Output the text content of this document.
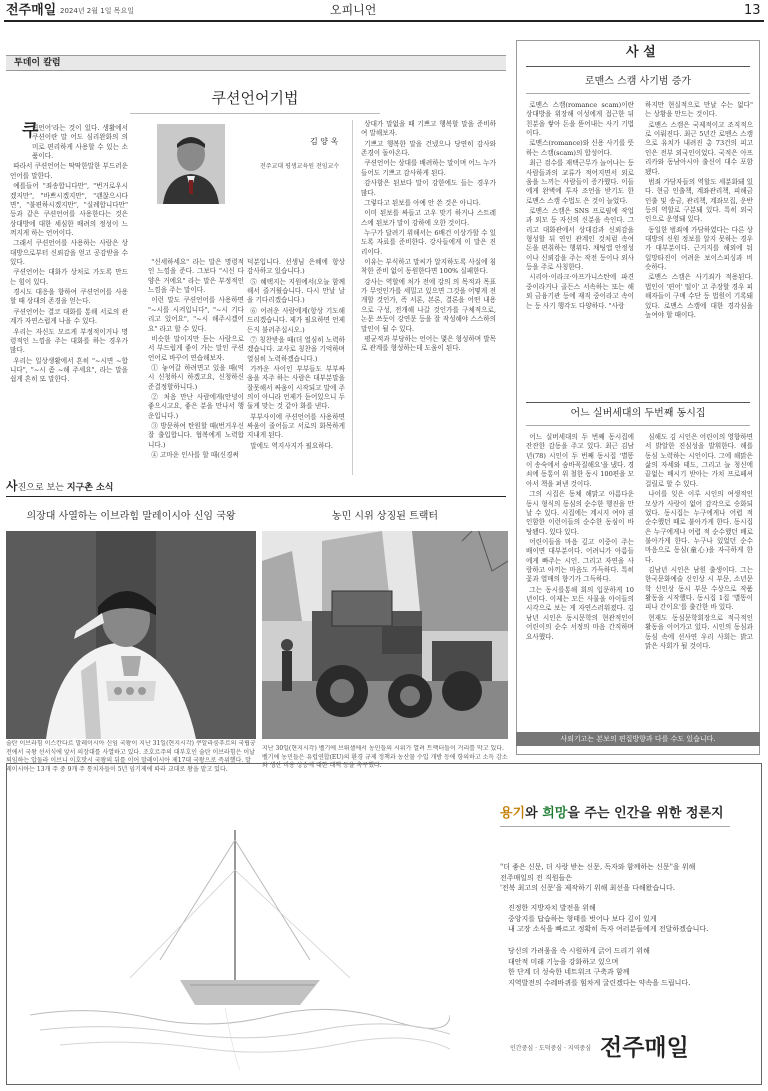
전주매일 2024년 2월 1일 목요일	오피니언	13
투데이 칼럼
쿠션언어기법
김 양 옥
전주교대 평생교육원 전임교수
쿠

션언어'라는 것이 있다. 생활에서 쿠션이란 말 어도 심리완화의 의미로 편리하게 사용할 수 있는 소품이다.

따라서 쿠션언어는 딱딱한말한 부드러운 언어를 말한다.

예를들어 "죄송합니다만", "번거로우시겠지만", "바쁘시겠지만", "괜찮으시다면", "불편하시겠지만", "실례합니다만" 등과 같은 쿠션언어를 사용한다는 것은 상대방에 대한 세심한 배려의 정성이 느껴지게 하는 언어이다.

그래서 쿠션언어를 사용하는 사람은 상대방으로부터 신뢰감을 얻고 공감받을 수 있다.

쿠션언어는 대화가 상처로 가도록 만드는 힘이 있다.

경시도 대응을 향하여 쿠션언어를 사용할 때 상대의 존경을 얻는다.

쿠션언어는 결코 대화를 통해 서로의 관계가 자연스럽게 나을 수 있다.

우리는 자신도 모르게 부정적이거나 명령적인 느낌을 주는 대화를 하는 경우가 많다.

우리는 일상생활에서 흔히 "~시면 ~합니다", "~시 좀 ~해 주세요", 라는 말을 쉽게 흔히 또 말한다.

"신세하세요" 라는 말은 명령적인 느낌을 준다. 그보다 "시신 다 양은 거에요" 라는 말은 부정적인 느낌을 주는 말이다.

이런 말도 쿠션언어를 사용하면 "~시를 시켜입니다", "~시 기다리고 있어요", "~시 해주시겠어요" 라고 할 수 있다.

비슷한 말이지만 듣는 사람으로서 부드럽게 좋이 가는 말인 쿠션언어로 바꾸어 연습해보자.

① 놓여갈 하려면고 있을 때(억시 신청하시 하겠고요, 신청하신 준결정할하니다.)

② 처음 만난 사람에게(안녕이 좋으시고요, 좋은 분을 만나서 행운입니다.)

③ 방문하여 탄원할 때(번거우신 잘 출입합니다. 협복에게 노력합니다.)

④ 고마운 인사를 할 때(신경써

덕분입니다. 선생님 은혜에 항상 감사하고 있습니다.)

⑤ 혜택지는 지원에서(오늘 함께해서 즐거웠습니다. 다시 만날 날을 기다리겠습니다.)

⑥ 어려운 사람에게(항상 기도해 드리겠습니다. 제가 필요하면 언제든지 불러주십시오.)

⑦ 칭찬받을 때(더 열심히 노력하겠습니다. 교사로 칭찬을 기억하며 열심히 노력하겠습니다.)

가까운 사이인 부부들도 부부싸움을 자주 하는 사람은 대부분말을 잘못해서 싸움이 시작되고 말에 주의이 아니라 언제가 듣어있으니 두둘게 맞는 것 같아 화를 낸다.

부부사이에 쿠션언어를 사용하면 싸움이 줄어들고 서로의 화목하게 지내게 된다.

말에도 역지사지가 필요하다.

상대가 말없을 때 기쁘고 행복할 말을 준비하여 말해보자.

기쁘고 행복한 말을 건넸으나 당연히 감사와 존경이 돌아온다.

쿠션언어는 상대를 배려하는 말이며 어느 누가 들어도 기쁘고 감사하게 된다.

감사함은 된보다 말이 강한에도 들는 경우가 많다.

그렇다고 된보를 아예 안 쓴 것은 아니다.

이미 된보를 싸들고 고우 맞기 하거나 스트레스에 된보가 말이 강하에 오한 것이다.

누구가 달려기 위해서는 6배건 이상가할 수 있도록 자료를 준비한다. 강사들에게 이 말은 진리이다.

이유는 부식하고 말씨가 알지하도록 사실에 침착한 준비 없이 동원한다면 100% 실패한다.

강사는 역할에 처가 전에 강의 의 목적과 목표가 무엇인가를 세밀고 있으면 그것을 어떻게 전개할 것인가, 즉 서론, 본론, 결론을 어떤 내용으로 구성, 전개해 나갈 것인가를 구체적으로, 논문 쓰듯이 강연문 등을 잘 작성해야 스스하의 말인이 될 수 있다.

평균적과 부당하는 언어는 몇은 형성하며 발목로 관계를 형성하는데 도움이 된다.

사진으로 보는 지구촌 소식
의장대 사열하는 이브라힘 말레이시아 신임 국왕	농민 시위 상징된 트랙터
술탄 이브라힘 이스칸다르 말레이시아 신임 국왕이 지난 31일(현지시각) 쿠알라룸푸르의 국립궁전에서 국왕 선서식에 앞서 의장대를 사열하고 있다. 조호르주의 대부호인 술탄 이브라힘은 이날 퇴임하는 압둘라 이브니 이호맛시 국왕의 뒤를 이어 말레이시아 제17대 국왕으로 즉위했다. 말레이시아는 13개 주 중 9개 주 통치자들이 5년 임기제에 따라 교대로 왕을 맡고 있다.
지난 30일(현지시각) 벨기에 브뤼셀에서 농민들의 시위가 열려 트랙터들이 거리를 막고 있다. 벨기에 농민들은 유럽연합(EU)의 환경 규제 정책과 농산물 수입 개방 등에 항의하고 소득 감소와 생산 비용 상승에 대한 대책 등을 촉구했다.
사 설
로맨스 스캠 사기범 증가

로맨스 스캠(romance scam)이란 상대방을 위장해 이성에게 접근한 뒤 친분을 쌓아 돈을 뜯어내는 사기 기법이다.

로맨스(romance)와 신용 사기를 뜻하는 스캠(scam)의 합성어다.

최근 검수를 재택근무가 늘어나는 등 사람들과의 교류가 적어지면서 외로움을 느끼는 사람들이 증가했다. 이들에게 완벽에 투자 조언을 받기도 한 로맨스 스캠 수법도 은 것이 늘었다.

로맨스 스캠은 SNS 프로필에 작업과 외모 등 자신의 신분을 속인다. 그리고 대화관에서 상대감과 신뢰감을 형성할 뒤 연인 관계인 것처럼 속여 돈을 편취하는 행위다. 채팅앱 안정성이나 신뢰감을 주는 작전 등이나 외사 등을 주로 사칭한다.

시리아·이라크·아프가니스탄에 파견 중이라거나 골든스 서속하는 또는 해외 금융기관 등에 재직 중이라고 속이는 등 사기 행각도 다양하다. "사랑

하지만 현실적으로 만날 수는 없다" 는 상황을 만드는 것이다.

로맨스 스캠은 국제적이고 조직적으로 이뤄진다. 최근 5년간 로맨스 스캠으로 유치가 내려진 총 73건의 피고인은 전부 외국인이었다. 국적은 아프리카와 동남아시아 출신이 대수 포함됐다.

범죄 가담자들의 역할도 세분화돼 있다. 현금 인출책, 계좌관리책, 피해금 인출 및 송금, 관리책, 계좌모집, 운반 등의 역할로 구분돼 있다. 특히 외국인으로 운영돼 있다.

동일한 범죄에 가담하였다는 다른 상대방의 신원 정보를 알지 못하는 경우가 대부분이다. 근거지를 해외에 둬 일망타진이 어려운 보이스피싱과 비슷하다.

로맨스 스캠은 사기죄가 적용된다. 법인이 '편어' 떨이' 고 주장할 경우 피해자들이 구매 수단 등 법원이 기록돼 있다. 로맨스 스캠에 대한 경각심을 높여야 할 때이다.

어느 실버세대의 두번째 동시집

어느 실버세대의 두 번째 동시집에 잔잔한 감동을 주고 있다. 최근 김남년(78) 시인이 두 번째 동시집 '별똥이 송숙에서 숨바꼭질해요'을 냈다. 경쇠에 동통이 위 철한 동시 100편을 모아서 책을 펴낸 것이다.

그의 시집은 동체 해맑고 아름다운 동시 형식의 동심의 순수한 행진을 만날 수 있다. 시집에는 계시지 여야 권인함한 이런이들의 순수한 동심이 바탕됐다. 있다 있다.

어린이들을 마음 깊고 이중이 주는 배이면 대부분이다. 어려니가 아름들에게 빠주는 시인. 그리고 자연을 사랑하고 아끼는 마음도 가득하다. 특히 꽃과 열매의 향기가 그득하다.

그는 동시를통해 회의 입문하게 10년이다. 이제는 모든 사물을 아이들의 시각으로 보는 게 자연스러워졌다. 김남년 시인은 동시문학의 현관적인이 어린이의 순수 서정의 마음 간직하며 요사했다.

심해도 김 시인은 어린이의 영향하면서 밝알한 진심성을 발휘한다. 해를 동심 노력하는 시인이다. 그에 해맑은 삶의 자세와 태도, 그리고 늘 청신에 끝없는 배시기 받아는 가치 프로페셔 걸릴로 할 수 있다.

나이를 잊은 이루 시인의 여생적인 모상가 사랑이 없어 감각으로 승화되었다. 동시집는 누구에게나 어렵 적 순수했던 때로 불아가게 한다. 동시집은 누구에게나 어렵 적 순수했던 배로 불아가게 한다. 누구나 있었던 순수 마음으로 동심(童心)을 자극하게 한다.

김남년 시인은 남원 출생이다. 그는 한국문화예술 신인상 시 부문, 소년문학 신인상 동시 부문 수상으로 작품 활동을 시작했다. 동시집 1집 '별똥이 피나 간이요'를 출간한 바 있다.

현재도 동심문학회장으로 적극적인 활동을 이어가고 있다. 시인의 동심과 동심 속에 선사연 우리 사회는 밝고 맑은 사회가 될 것이다.

사외기고는 본보의 편집방향과 다를 수도 있습니다.
용기와 희망을 주는 인간을 위한 정론지
"더 좋은 신문, 더 사랑 받는 신문, 독자와 함께하는 신문"을 위해
전주매일의 전 직원들은
'전북 최고의 신문'을 제작하기 위해 최선을 다해왔습니다.
진정한 지방자치 발전을 위해
중앙지를 답습하는 형태를 벗어나 보다 깊이 있게
내 고장 소식을 빠르고 정확히 독자 여러분들에게 전달하겠습니다.
당신의 가려움을 속 시원하게 긁어 드리기 위해
대안적 미래 기능을 강화하고 있으며
한 단계 더 성숙한 네트워크 구축과 함께
지역발전의 수레바퀴를 힘차게 굴린겠다는 약속을 드립니다.
인간중심 · 도덕중심 · 지역중심 전주매일
